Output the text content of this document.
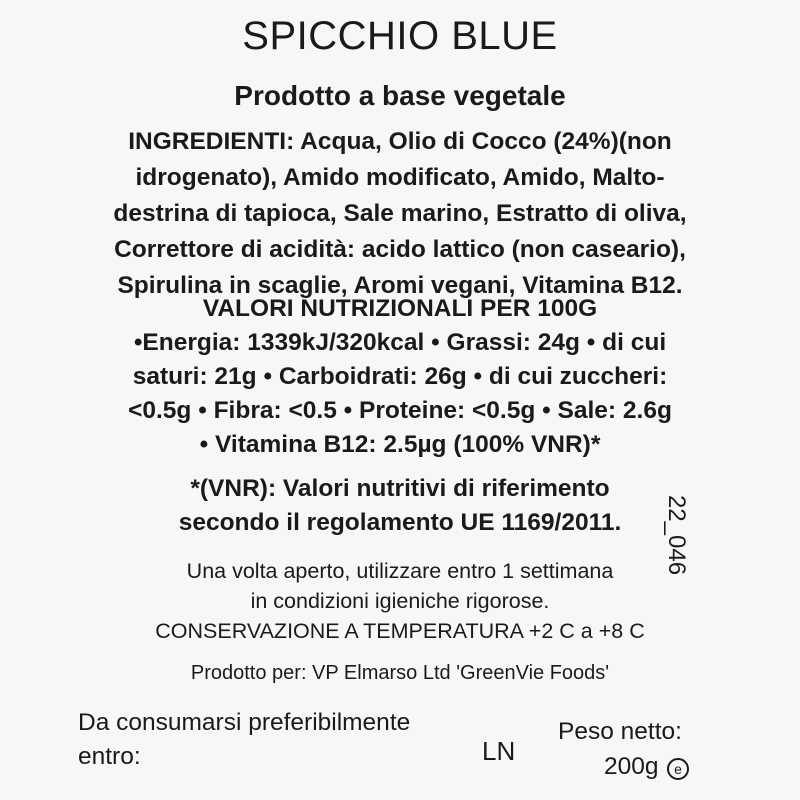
SPICCHIO BLUE
Prodotto a base vegetale
INGREDIENTI: Acqua, Olio di Cocco (24%)(non
idrogenato), Amido modificato, Amido, Malto-
destrina di tapioca, Sale marino, Estratto di oliva,
Correttore di acidità: acido lattico (non caseario),
Spirulina in scaglie, Aromi vegani, Vitamina B12.
VALORI NUTRIZIONALI PER 100G
•Energia: 1339kJ/320kcal • Grassi: 24g • di cui
saturi: 21g • Carboidrati: 26g • di cui zuccheri:
<0.5g • Fibra: <0.5 • Proteine: <0.5g • Sale: 2.6g
• Vitamina B12: 2.5µg (100% VNR)*
*(VNR): Valori nutritivi di riferimento
secondo il regolamento UE 1169/2011.	22_046
Una volta aperto, utilizzare entro 1 settimana
in condizioni igieniche rigorose.
CONSERVAZIONE A TEMPERATURA +2 C a +8 C
Prodotto per: VP Elmarso Ltd 'GreenVie Foods'
Da consumarsi preferibilmente
entro:	LN
Peso netto:
200g	e
